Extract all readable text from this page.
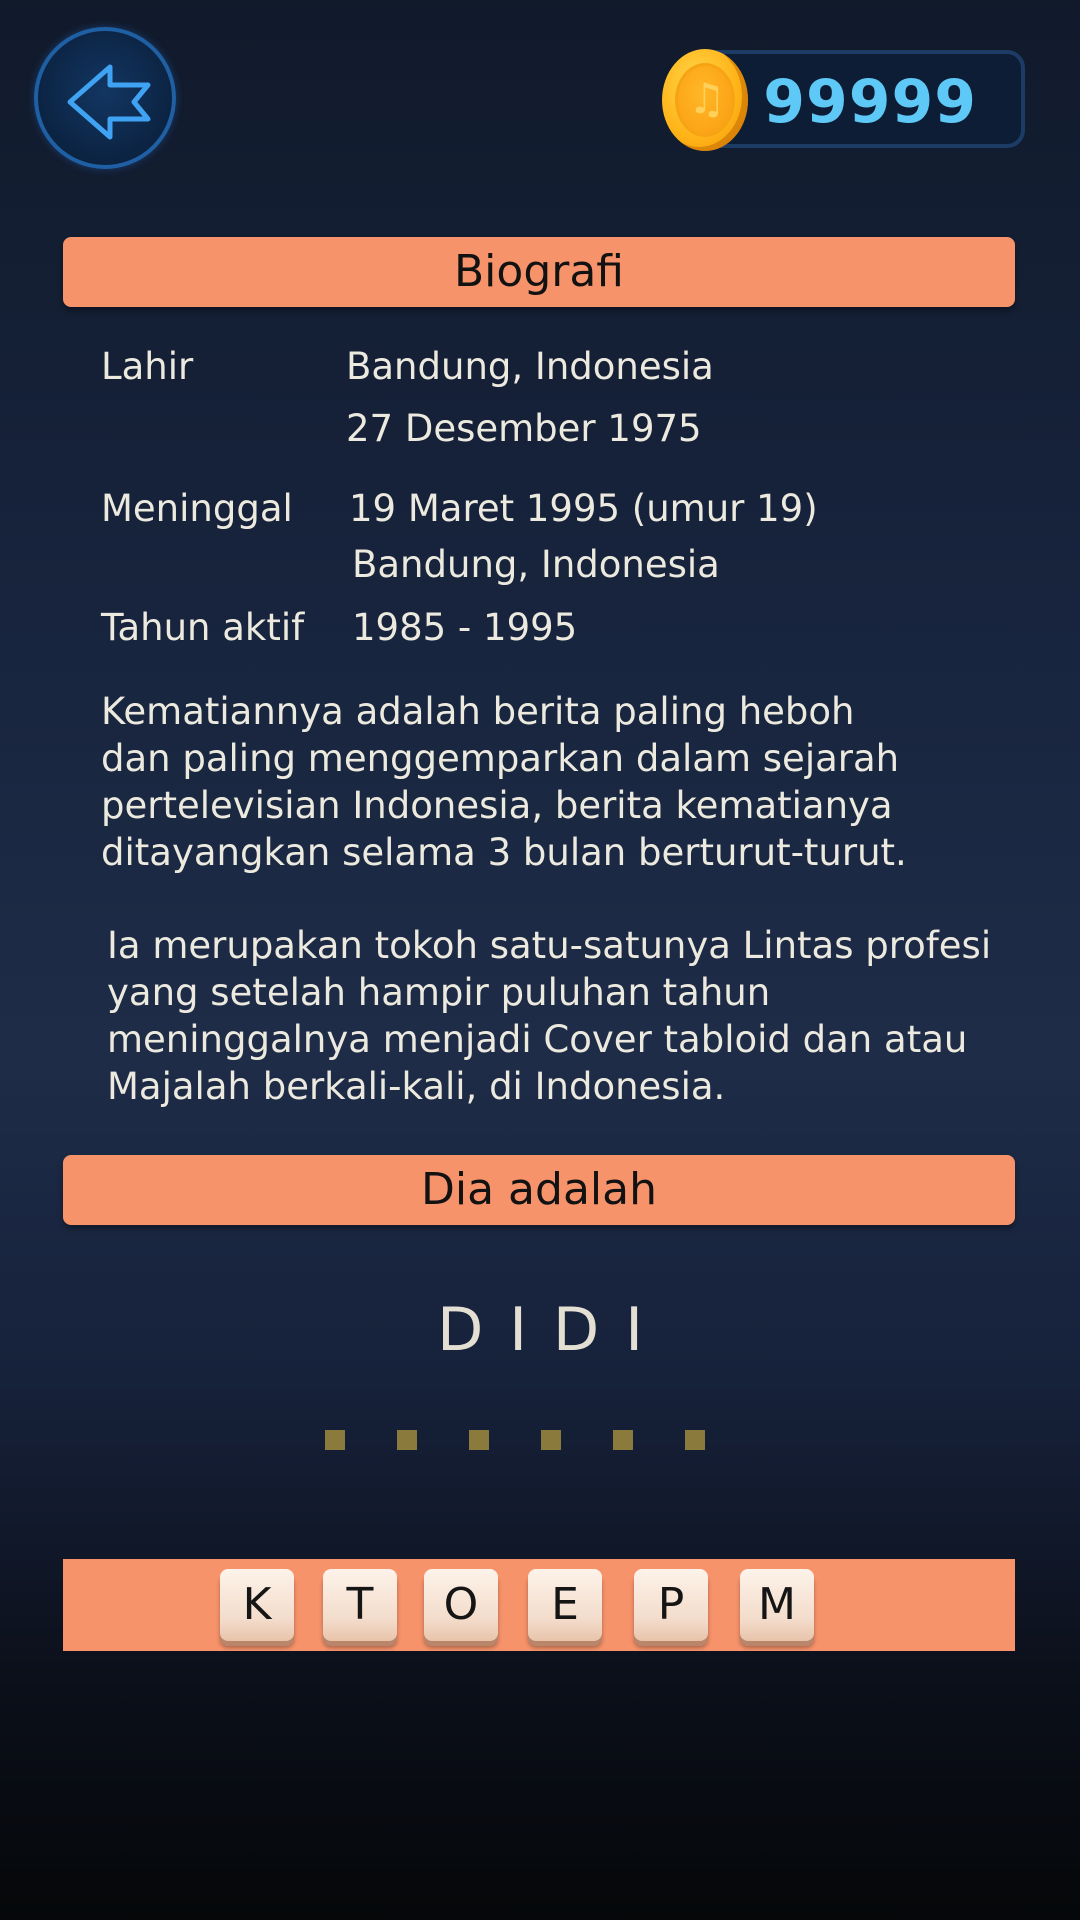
99999
♫
Biografi
Lahir	Bandung, Indonesia
27 Desember 1975
Meninggal 19 Maret 1995 (umur 19)
Bandung, Indonesia
Tahun aktif 1985 - 1995
Kematiannya adalah berita paling heboh
dan paling menggemparkan dalam sejarah
pertelevisian Indonesia, berita kematianya
ditayangkan selama 3 bulan berturut-turut.
Ia merupakan tokoh satu-satunya Lintas profesi
yang setelah hampir puluhan tahun
meninggalnya menjadi Cover tabloid dan atau
Majalah berkali-kali, di Indonesia.
Dia adalah
DIDI
K	T	O	E	P	M
